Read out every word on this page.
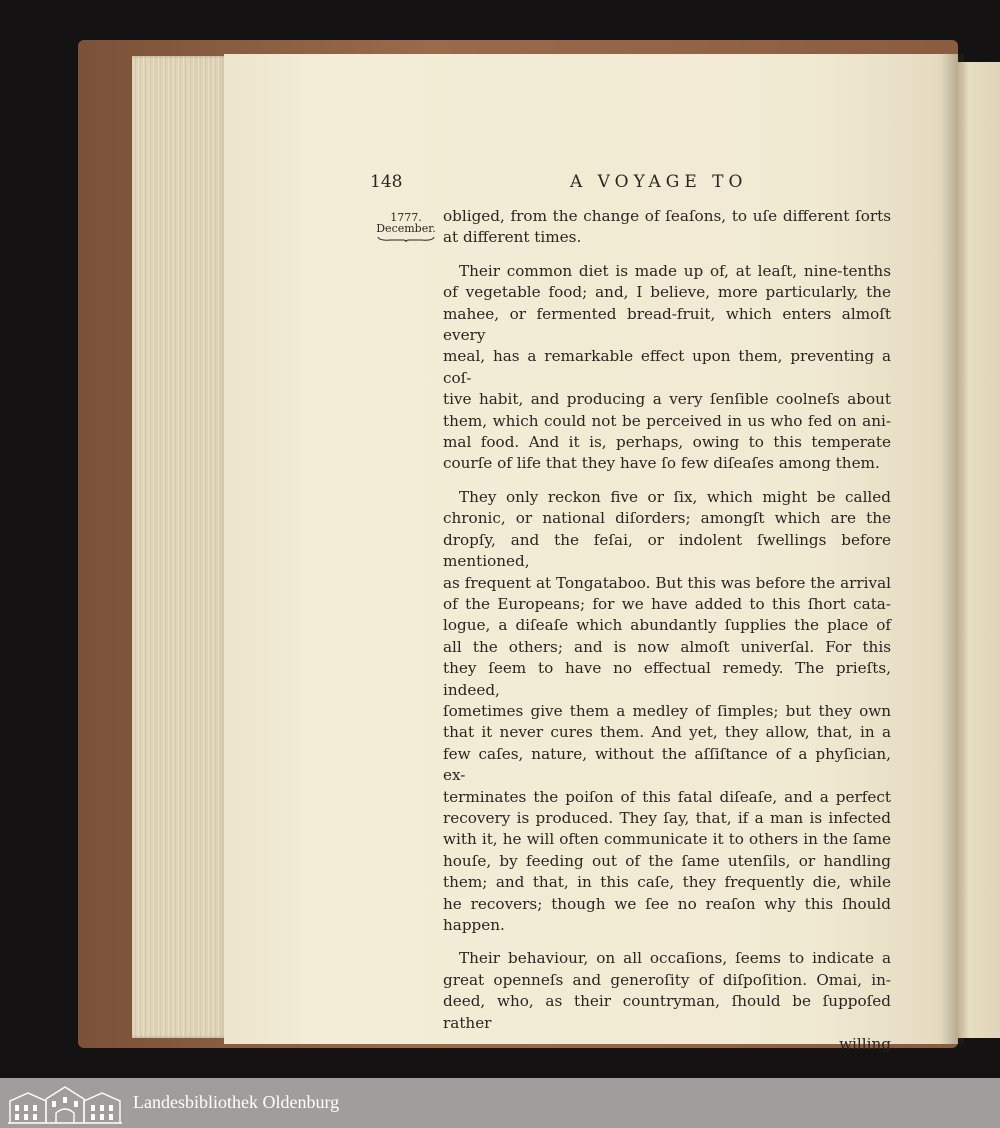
148	A VOYAGE TO
1777.
December.

obliged, from the change of ſeaſons, to uſe different ſorts

at different times.

Their common diet is made up of, at leaſt, nine-tenths

of vegetable food; and, I believe, more particularly, the

mahee, or fermented bread-fruit, which enters almoſt every

meal, has a remarkable effect upon them, preventing a coſ-

tive habit, and producing a very ſenſible coolneſs about

them, which could not be perceived in us who fed on ani-

mal food. And it is, perhaps, owing to this temperate

courſe of life that they have ſo few diſeaſes among them.

They only reckon five or ſix, which might be called

chronic, or national diſorders; amongſt which are the

dropſy, and the feſai, or indolent ſwellings before mentioned,

as frequent at Tongataboo. But this was before the arrival

of the Europeans; for we have added to this ſhort cata-

logue, a diſeaſe which abundantly ſupplies the place of

all the others; and is now almoſt univerſal. For this

they ſeem to have no effectual remedy. The prieſts, indeed,

ſometimes give them a medley of ſimples; but they own

that it never cures them. And yet, they allow, that, in a

few caſes, nature, without the aſſiſtance of a phyſician, ex-

terminates the poiſon of this fatal diſeaſe, and a perfect

recovery is produced. They ſay, that, if a man is infected

with it, he will often communicate it to others in the ſame

houſe, by feeding out of the ſame utenſils, or handling

them; and that, in this caſe, they frequently die, while

he recovers; though we ſee no reaſon why this ſhould

happen.

Their behaviour, on all occaſions, ſeems to indicate a

great openneſs and generoſity of diſpoſition. Omai, in-

deed, who, as their countryman, ſhould be ſuppoſed rather

willing

Landesbibliothek Oldenburg
